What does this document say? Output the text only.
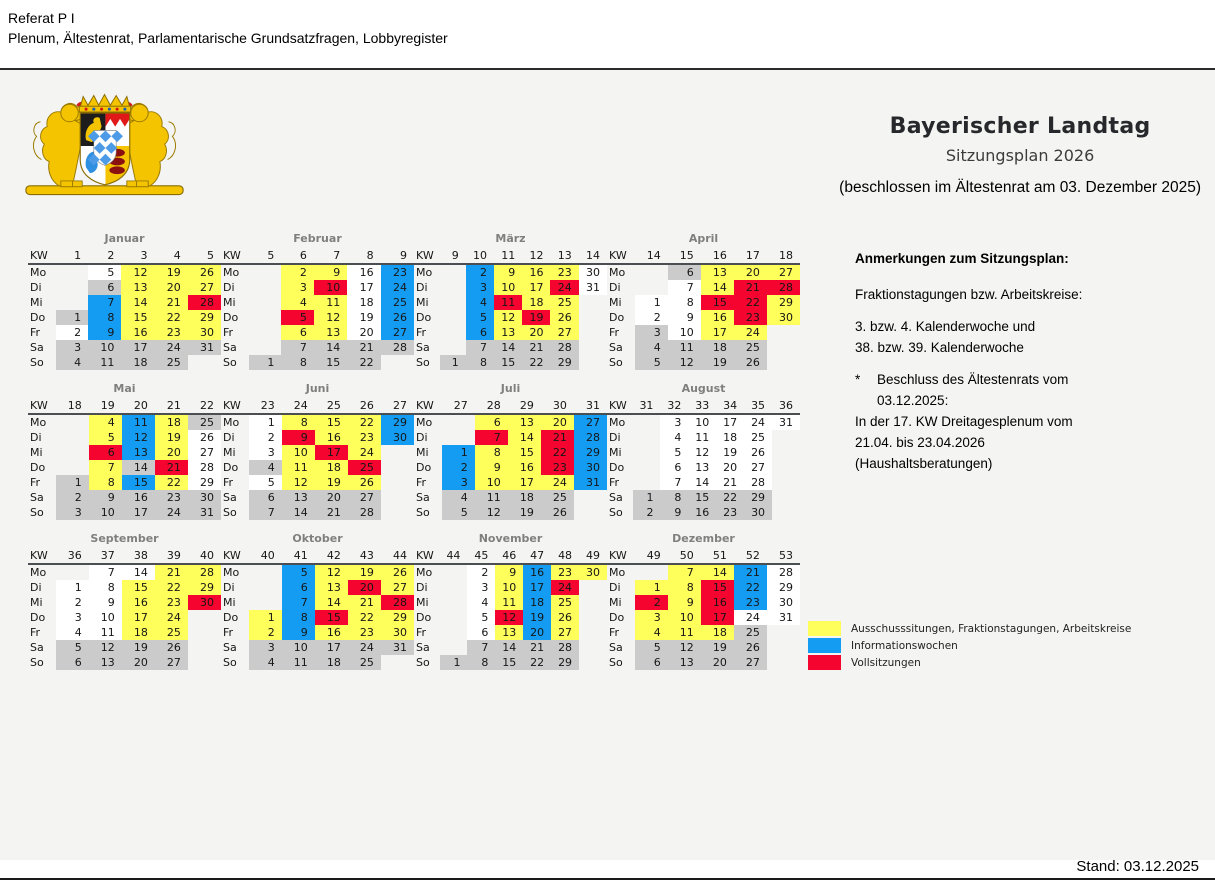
Referat P I
Plenum, Ältestenrat, Parlamentarische Grundsatzfragen, Lobbyregister
Bayerischer Landtag
Sitzungsplan 2026
(beschlossen im Ältestenrat am 03. Dezember 2025)
Januar
KW	1	2	3	4	5
Mo		5	12	19	26
Di		6	13	20	27
Mi		7	14	21	28
Do	1	8	15	22	29
Fr	2	9	16	23	30
Sa	3	10	17	24	31
So	4	11	18	25	
Februar
KW	5	6	7	8	9
Mo		2	9	16	23
Di		3	10	17	24
Mi		4	11	18	25
Do		5	12	19	26
Fr		6	13	20	27
Sa		7	14	21	28
So	1	8	15	22	
März
KW	9	10	11	12	13	14
Mo		2	9	16	23	30
Di		3	10	17	24	31
Mi		4	11	18	25	
Do		5	12	19	26	
Fr		6	13	20	27	
Sa		7	14	21	28	
So	1	8	15	22	29	
April
KW	14	15	16	17	18
Mo		6	13	20	27
Di		7	14	21	28
Mi	1	8	15	22	29
Do	2	9	16	23	30
Fr	3	10	17	24	
Sa	4	11	18	25	
So	5	12	19	26	
Mai
KW	18	19	20	21	22
Mo		4	11	18	25
Di		5	12	19	26
Mi		6	13	20	27
Do		7	14	21	28
Fr	1	8	15	22	29
Sa	2	9	16	23	30
So	3	10	17	24	31
Juni
KW	23	24	25	26	27
Mo	1	8	15	22	29
Di	2	9	16	23	30
Mi	3	10	17	24	
Do	4	11	18	25	
Fr	5	12	19	26	
Sa	6	13	20	27	
So	7	14	21	28	
Juli
KW	27	28	29	30	31
Mo		6	13	20	27
Di		7	14	21	28
Mi	1	8	15	22	29
Do	2	9	16	23	30
Fr	3	10	17	24	31
Sa	4	11	18	25	
So	5	12	19	26	
August
KW	31	32	33	34	35	36
Mo		3	10	17	24	31
Di		4	11	18	25	
Mi		5	12	19	26	
Do		6	13	20	27	
Fr		7	14	21	28	
Sa	1	8	15	22	29	
So	2	9	16	23	30	
September
KW	36	37	38	39	40
Mo		7	14	21	28
Di	1	8	15	22	29
Mi	2	9	16	23	30
Do	3	10	17	24	
Fr	4	11	18	25	
Sa	5	12	19	26	
So	6	13	20	27	
Oktober
KW	40	41	42	43	44
Mo		5	12	19	26
Di		6	13	20	27
Mi		7	14	21	28
Do	1	8	15	22	29
Fr	2	9	16	23	30
Sa	3	10	17	24	31
So	4	11	18	25	
November
KW	44	45	46	47	48	49
Mo		2	9	16	23	30
Di		3	10	17	24	
Mi		4	11	18	25	
Do		5	12	19	26	
Fr		6	13	20	27	
Sa		7	14	21	28	
So	1	8	15	22	29	
Dezember
KW	49	50	51	52	53
Mo		7	14	21	28
Di	1	8	15	22	29
Mi	2	9	16	23	30
Do	3	10	17	24	31
Fr	4	11	18	25	
Sa	5	12	19	26	
So	6	13	20	27	
Anmerkungen zum Sitzungsplan:
Fraktionstagungen bzw. Arbeitskreise:
3. bzw. 4. Kalenderwoche und
38. bzw. 39. Kalenderwoche
*	Beschluss des Ältestenrats vom
03.12.2025:
In der 17. KW Dreitagesplenum vom
21.04. bis 23.04.2026
(Haushaltsberatungen)
Ausschusssitungen, Fraktionstagungen, Arbeitskreise
Informationswochen
Vollsitzungen
Stand: 03.12.2025
